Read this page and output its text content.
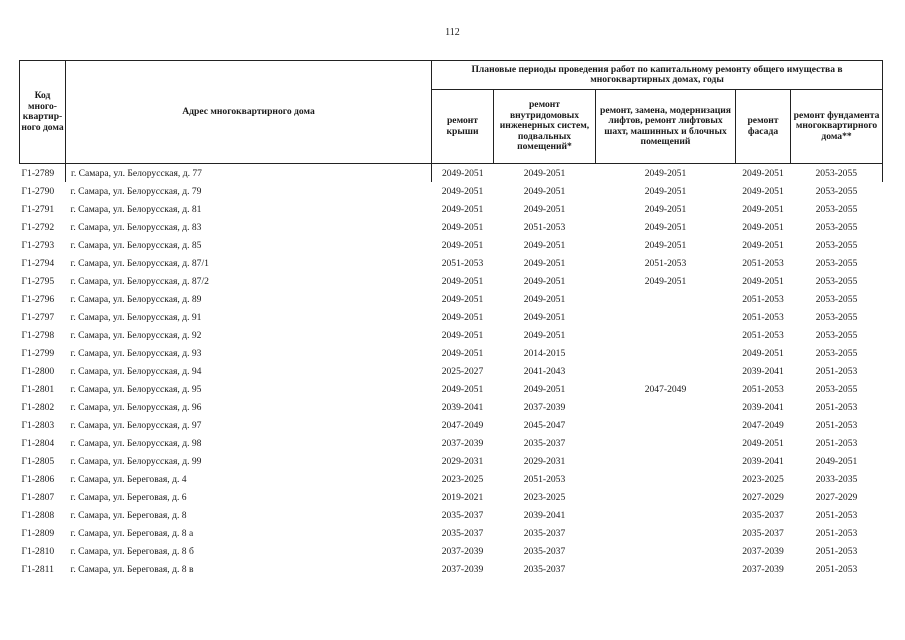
112
Код много-квартир-ного дома	Адрес многоквартирного дома	Плановые периоды проведения работ по капитальному ремонту общего имущества в многоквартирных домах, годы				
		ремонт крыши	ремонт внутридомовых инженерных систем, подвальных помещений*	ремонт, замена, модернизация лифтов, ремонт лифтовых шахт, машинных и блочных помещений	ремонт фасада	ремонт фундамента многоквартирного дома**
Г1-2789	г. Самара, ул. Белорусская, д. 77	2049-2051	2049-2051	2049-2051	2049-2051	2053-2055
Г1-2790	г. Самара, ул. Белорусская, д. 79	2049-2051	2049-2051	2049-2051	2049-2051	2053-2055
Г1-2791	г. Самара, ул. Белорусская, д. 81	2049-2051	2049-2051	2049-2051	2049-2051	2053-2055
Г1-2792	г. Самара, ул. Белорусская, д. 83	2049-2051	2051-2053	2049-2051	2049-2051	2053-2055
Г1-2793	г. Самара, ул. Белорусская, д. 85	2049-2051	2049-2051	2049-2051	2049-2051	2053-2055
Г1-2794	г. Самара, ул. Белорусская, д. 87/1	2051-2053	2049-2051	2051-2053	2051-2053	2053-2055
Г1-2795	г. Самара, ул. Белорусская, д. 87/2	2049-2051	2049-2051	2049-2051	2049-2051	2053-2055
Г1-2796	г. Самара, ул. Белорусская, д. 89	2049-2051	2049-2051		2051-2053	2053-2055
Г1-2797	г. Самара, ул. Белорусская, д. 91	2049-2051	2049-2051		2051-2053	2053-2055
Г1-2798	г. Самара, ул. Белорусская, д. 92	2049-2051	2049-2051		2051-2053	2053-2055
Г1-2799	г. Самара, ул. Белорусская, д. 93	2049-2051	2014-2015		2049-2051	2053-2055
Г1-2800	г. Самара, ул. Белорусская, д. 94	2025-2027	2041-2043		2039-2041	2051-2053
Г1-2801	г. Самара, ул. Белорусская, д. 95	2049-2051	2049-2051	2047-2049	2051-2053	2053-2055
Г1-2802	г. Самара, ул. Белорусская, д. 96	2039-2041	2037-2039		2039-2041	2051-2053
Г1-2803	г. Самара, ул. Белорусская, д. 97	2047-2049	2045-2047		2047-2049	2051-2053
Г1-2804	г. Самара, ул. Белорусская, д. 98	2037-2039	2035-2037		2049-2051	2051-2053
Г1-2805	г. Самара, ул. Белорусская, д. 99	2029-2031	2029-2031		2039-2041	2049-2051
Г1-2806	г. Самара, ул. Береговая, д. 4	2023-2025	2051-2053		2023-2025	2033-2035
Г1-2807	г. Самара, ул. Береговая, д. 6	2019-2021	2023-2025		2027-2029	2027-2029
Г1-2808	г. Самара, ул. Береговая, д. 8	2035-2037	2039-2041		2035-2037	2051-2053
Г1-2809	г. Самара, ул. Береговая, д. 8 а	2035-2037	2035-2037		2035-2037	2051-2053
Г1-2810	г. Самара, ул. Береговая, д. 8 б	2037-2039	2035-2037		2037-2039	2051-2053
Г1-2811	г. Самара, ул. Береговая, д. 8 в	2037-2039	2035-2037		2037-2039	2051-2053
